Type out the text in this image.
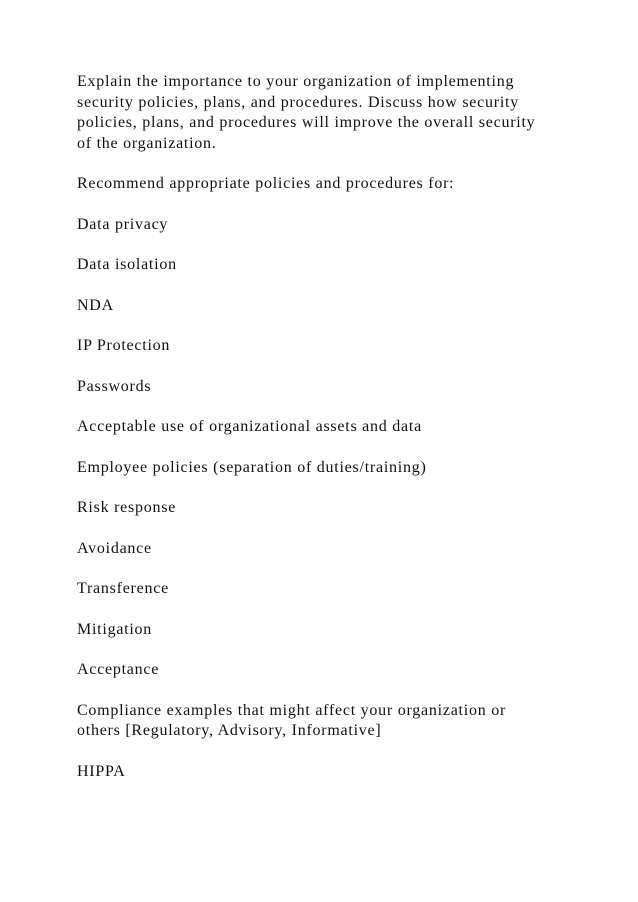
Explain the importance to your organization of implementing
security policies, plans, and procedures. Discuss how security
policies, plans, and procedures will improve the overall security
of the organization.

Recommend appropriate policies and procedures for:

Data privacy

Data isolation

NDA

IP Protection

Passwords

Acceptable use of organizational assets and data

Employee policies (separation of duties/training)

Risk response

Avoidance

Transference

Mitigation

Acceptance

Compliance examples that might affect your organization or
others [Regulatory, Advisory, Informative]

HIPPA
